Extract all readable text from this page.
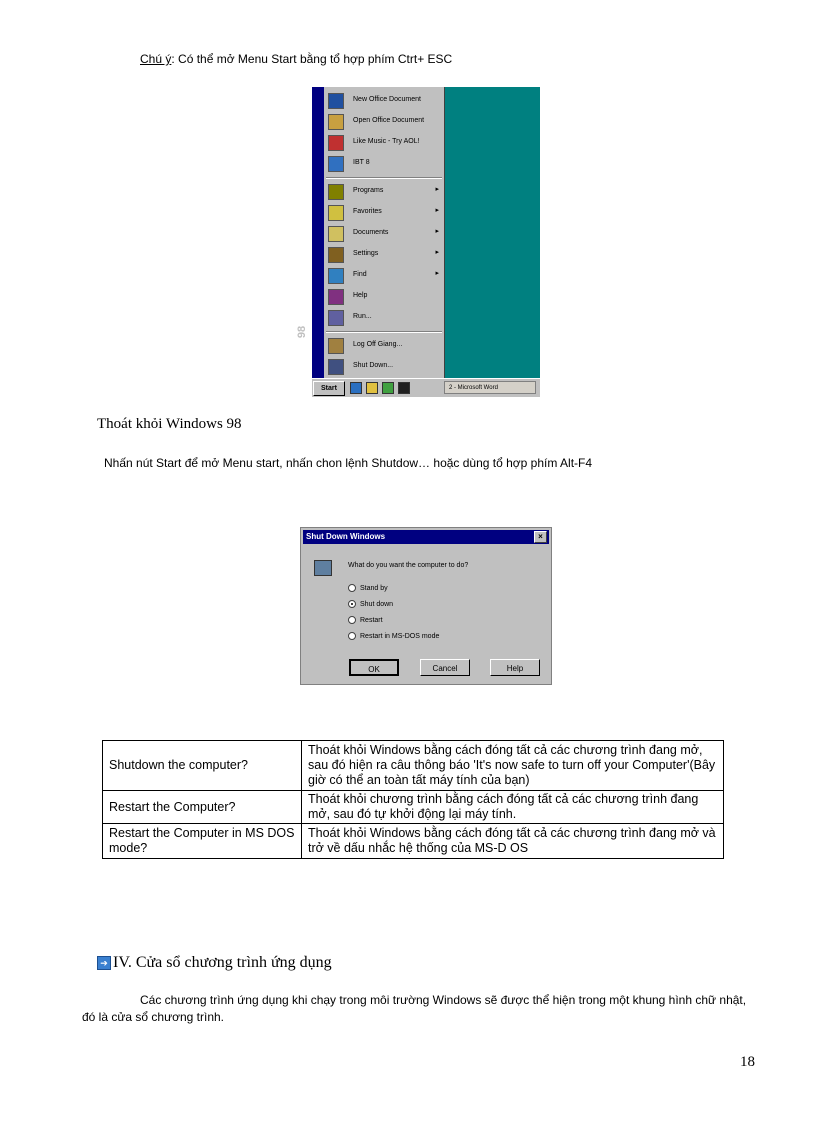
Chú ý: Có thể mở Menu Start bằng tổ hợp phím Ctrt+ ESC
Windows 98
New Office Document
Open Office Document
Like Music - Try AOL!
IBT 8
Programs	▸
Favorites	▸
Documents	▸
Settings	▸
Find	▸
Help
Run...
Log Off Giang...
Shut Down...
Start	2 - Microsoft Word
Thoát khỏi Windows 98
Nhấn nút Start để mở Menu start, nhấn chon lệnh Shutdow… hoặc dùng tổ hợp phím Alt-F4
Shut Down Windows	×
What do you want the computer to do?
Stand by
Shut down
Restart
Restart in MS-DOS mode
OK	Cancel	Help
Shutdown the computer?	Thoát khỏi Windows bằng cách đóng tất cả các chương trình đang mở, sau đó hiện ra câu thông báo 'It's now safe to turn off your Computer'(Bây giờ có thể an toàn tất máy tính của bạn)
Restart the Computer?	Thoát khỏi chương trình bằng cách đóng tất cả các chương trình đang mở, sau đó tự khởi động lại máy tính.
Restart the Computer in MS DOS mode?	Thoát khỏi Windows bằng cách đóng tất cả các chương trình đang mở và trở về dấu nhắc hệ thống của MS-D OS
➔ IV. Cửa sổ chương trình ứng dụng
Các chương trình ứng dụng khi chạy trong môi trường Windows sẽ được thể hiện trong một khung hình chữ nhật, đó là cửa sổ chương trình.
18
